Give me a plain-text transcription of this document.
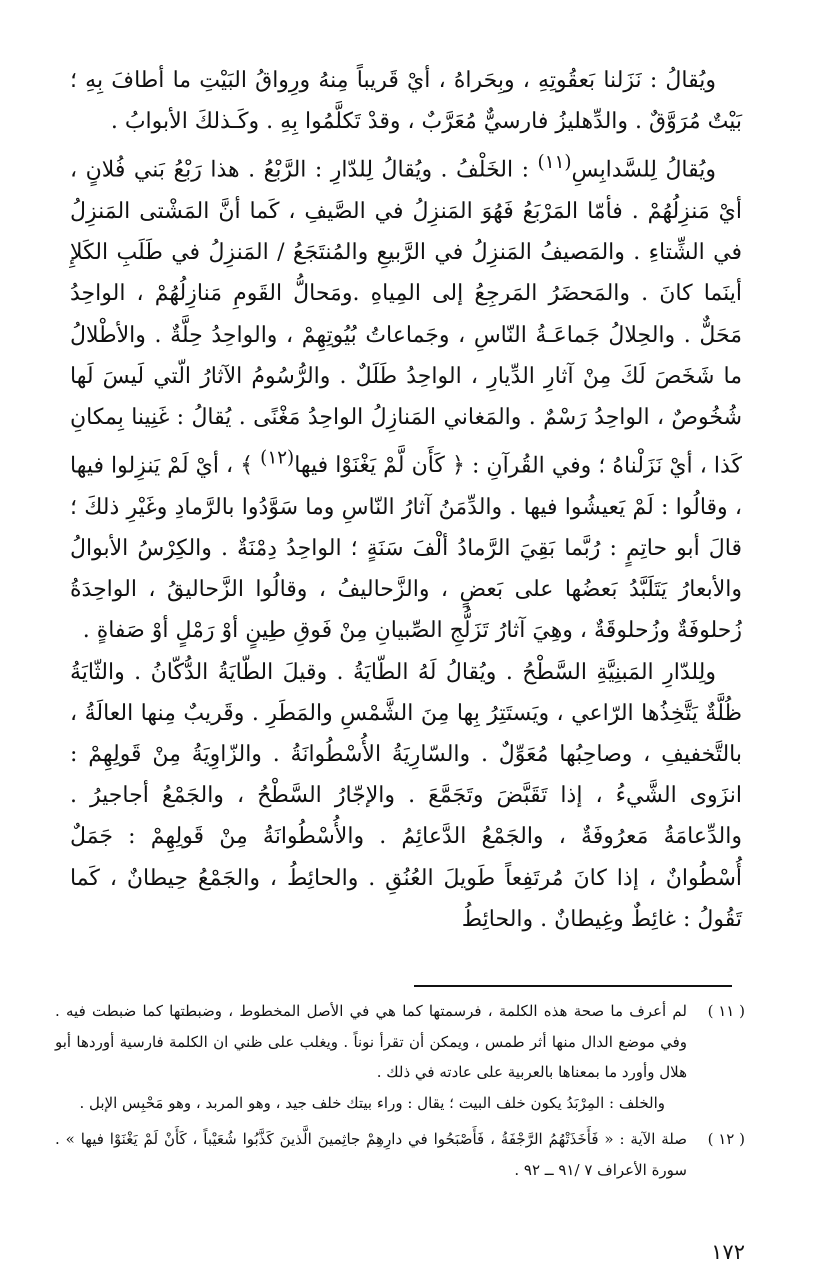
ويُقالُ : نَزَلنا بَعقُوتِهِ ، وبِحَراهُ ، أيْ قَريباً مِنهُ ورِواقُ البَيْتِ ما أطافَ بِهِ ؛ بَيْتٌ مُرَوَّقٌ . والدِّهليزُ فارسيٌّ مُعَرَّبٌ ، وقدْ تَكلَّمُوا بِهِ . وكَـذلكَ الأبوابُ .

ويُقالُ لِلسَّدابِسِ$^{(١١)}$ : الخَلْفُ . ويُقالُ لِلدّارِ : الرَّبْعُ . هذا رَبْعُ بَني فُلانٍ ، أيْ مَنزِلُهُمْ . فأمّا المَرْبَعُ فَهُوَ المَنزِلُ في الصَّيفِ ، كَما أنَّ المَشْتى المَنزِلُ في الشِّتاءِ . والمَصيفُ المَنزِلُ في الرَّبيعِ والمُنتَجَعُ / المَنزِلُ في طَلَبِ الكَلإِ أينَما كانَ . والمَحضَرُ المَرجِعُ إلى المِياهِ .ومَحالُّ القَومِ مَنازِلُهُمْ ، الواحِدُ مَحَلٌّ . والحِلالُ جَماعَـةُ النّاسِ ، وجَماعاتُ بُيُوتِهِمْ ، والواحِدُ حِلَّةٌ . والأطْلالُ ما شَخَصَ لَكَ مِنْ آثارِ الدِّيارِ ، الواحِدُ طَلَلٌ . والرُّسُومُ الآثارُ الّتي لَيسَ لَها شُخُوصٌ ، الواحِدُ رَسْمٌ . والمَغاني المَنازِلُ الواحِدُ مَغْنًى . يُقالُ : غَنِينا بِمكانِ كَذا ، أيْ نَزَلْناهُ ؛ وفي القُرآنِ : ﴿ كَأَن لَّمْ يَغْنَوْا فيها$^{(١٢)}$ ﴾ ، أيْ لَمْ يَنزِلوا فيها ، وقالُوا : لَمْ يَعيشُوا فيها . والدِّمَنُ آثارُ النّاسِ وما سَوَّدُوا بالرَّمادِ وغَيْرِ ذلكَ ؛ قالَ أبو حاتِمٍ : رُبَّما بَقِيَ الرَّمادُ ألْفَ سَنَةٍ ؛ الواحِدُ دِمْنَةٌ . والكِرْسُ الأبوالُ والأبعارُ يَتَلَبَّدُ بَعضُها على بَعضٍ ، والزَّحاليفُ ، وقالُوا الزَّحاليقُ ، الواحِدَةُ زُحلوفَةٌ وزُحلوقَةٌ ، وهِيَ آثارُ تَزَلُّجِ الصِّبيانِ مِنْ فَوقِ طِينٍ أوْ رَمْلٍ أوْ صَفاةٍ .

ولِلدّارِ المَبنِيَّةِ السَّطْحُ . ويُقالُ لَهُ الطّايَةُ . وقيلَ الطّايَةُ الدُّكّانُ . والثّايَةُ ظُلَّةٌ يَتَّخِذُها الرّاعي ، ويَستَتِرُ بِها مِنَ الشَّمْسِ والمَطَرِ . وقَريبٌ مِنها العالَةُ ، بالتَّخفيفِ ، وصاحِبُها مُعَوِّلٌ . والسّارِيَةُ الأُسْطُوانَةُ . والزّاوِيَةُ مِنْ قَولِهِمْ : انزَوى الشَّيءُ ، إذا تَقَبَّضَ وتَجَمَّعَ . والإجّارُ السَّطْحُ ، والجَمْعُ أجاجيرُ . والدِّعامَةُ مَعرُوفَةٌ ، والجَمْعُ الدَّعائِمُ . والأُسْطُوانَةُ مِنْ قَولِهِمْ : جَمَلٌ أُسْطُوانٌ ، إذا كانَ مُرتَفِعاً طَويلَ العُنُقِ . والحائِطُ ، والجَمْعُ حِيطانٌ ، كَما تَقُولُ : غائِطٌ وغِيطانٌ . والحائِطُ

( ١١ )

لم أعرف ما صحة هذه الكلمة ، فرسمتها كما هي في الأصل المخطوط ، وضبطتها كما ضبطت فيه . وفي موضع الدال منها أثر طمس ، ويمكن أن تقرأ نوناً . ويغلب على ظني ان الكلمة فارسية أوردها أبو هلال وأورد ما بمعناها بالعربية على عادته في ذلك .

والخلف : المِرْبَدُ يكون خلف البيت ؛ يقال : وراء بيتك خلف جيد ، وهو المربد ، وهو مَحْبِس الإبل .

( ١٢ )

صلة الآية : « فَأَخَذَتْهُمُ الرَّجْفَةُ ، فَأَصْبَحُوا في دارِهِمْ جاثِمينَ الَّذينَ كَذَّبُوا شُعَيْباً ، كَأَنْ لَمْ يَغْنَوْا فيها » . سورة الأعراف ٧ /٩١ ــ ٩٢ .

١٧٢
